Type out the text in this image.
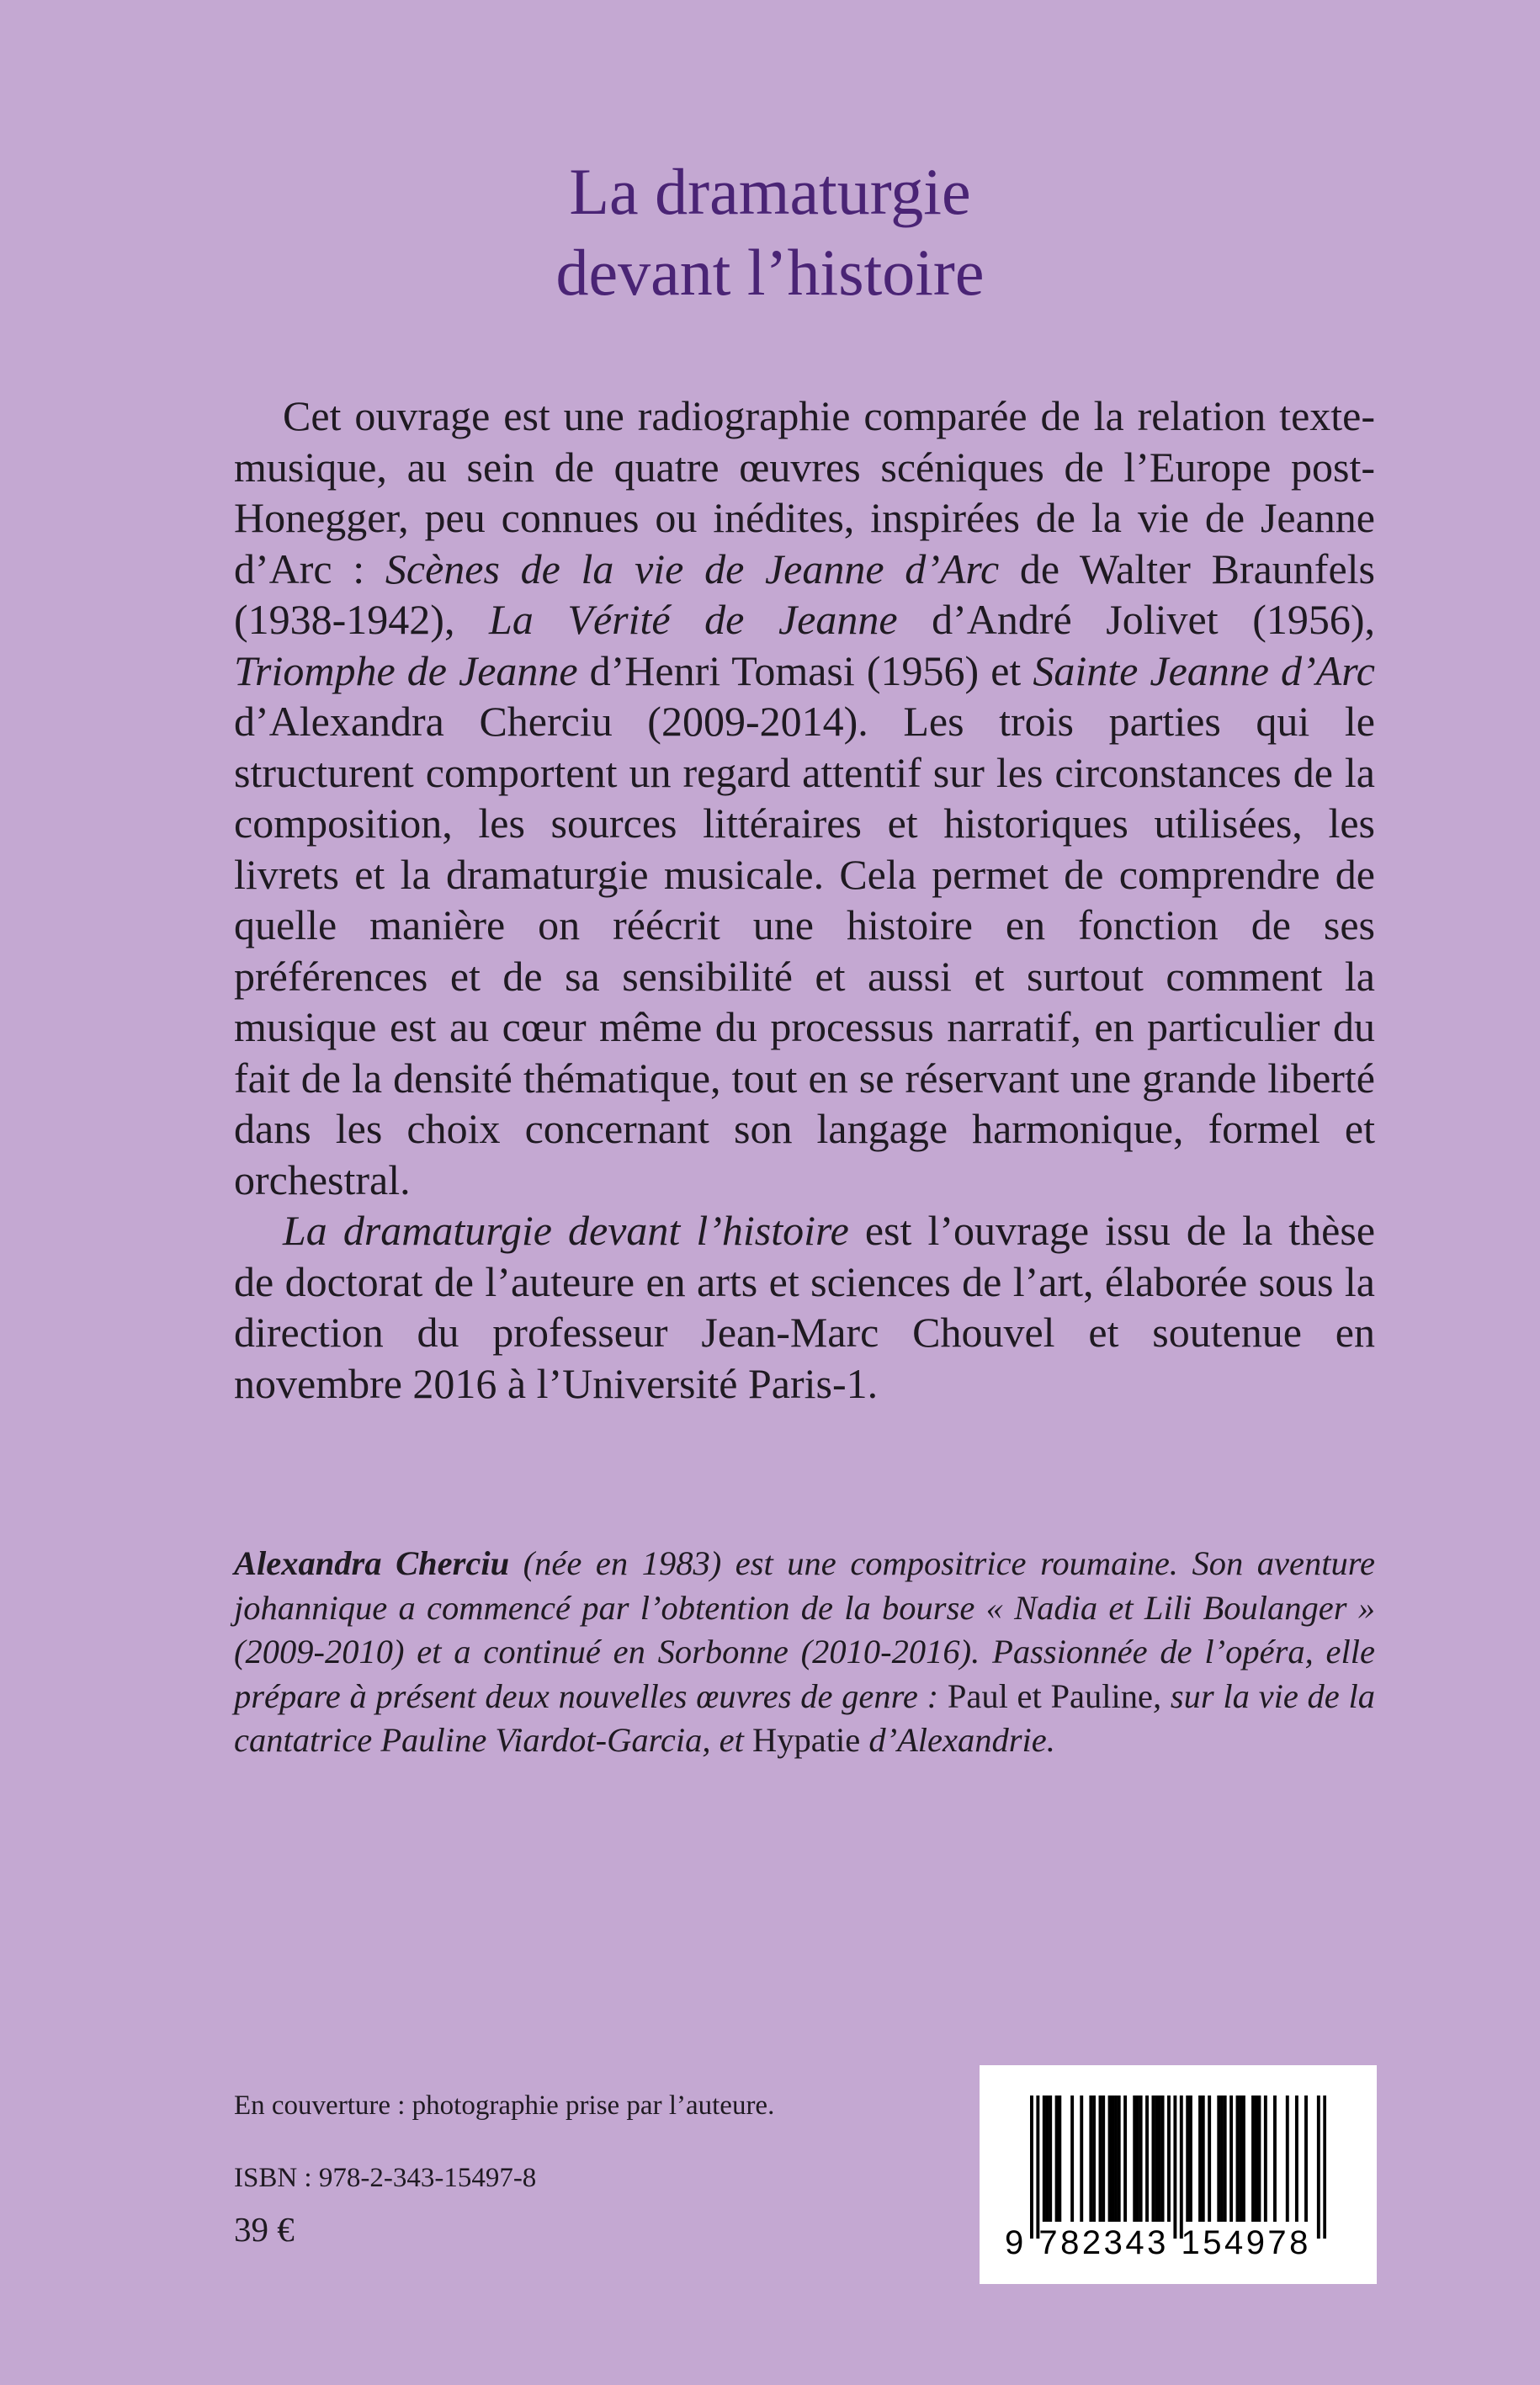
La dramaturgie
devant l’histoire

Cet ouvrage est une radiographie comparée de la relation texte-musique, au sein de quatre œuvres scéniques de l’Europe post-Honegger, peu connues ou inédites, inspirées de la vie de Jeanne d’Arc : Scènes de la vie de Jeanne d’Arc de Walter Braunfels (1938-1942), La Vérité de Jeanne d’André Jolivet (1956), Triomphe de Jeanne d’Henri Tomasi (1956) et Sainte Jeanne d’Arc d’Alexandra Cherciu (2009-2014). Les trois parties qui le structurent comportent un regard attentif sur les circonstances de la composition, les sources littéraires et historiques utilisées, les livrets et la dramaturgie musicale. Cela permet de comprendre de quelle manière on réécrit une histoire en fonction de ses préférences et de sa sensibilité et aussi et surtout comment la musique est au cœur même du processus narratif, en particulier du fait de la densité thématique, tout en se réservant une grande liberté dans les choix concernant son langage harmonique, formel et orchestral.

La dramaturgie devant l’histoire est l’ouvrage issu de la thèse de doctorat de l’auteure en arts et sciences de l’art, élaborée sous la direction du professeur Jean-Marc Chouvel et soutenue en novembre 2016 à l’Université Paris-1.

Alexandra Cherciu (née en 1983) est une compositrice roumaine. Son aventure johannique a commencé par l’obtention de la bourse « Nadia et Lili Boulanger » (2009-2010) et a continué en Sorbonne (2010-2016). Passionnée de l’opéra, elle prépare à présent deux nouvelles œuvres de genre : Paul et Pauline, sur la vie de la cantatrice Pauline Viardot-Garcia, et Hypatie d’Alexandrie.

En couverture : photographie prise par l’auteure.

ISBN : 978-2-343-15497-8

39 €	9 782343 154978
